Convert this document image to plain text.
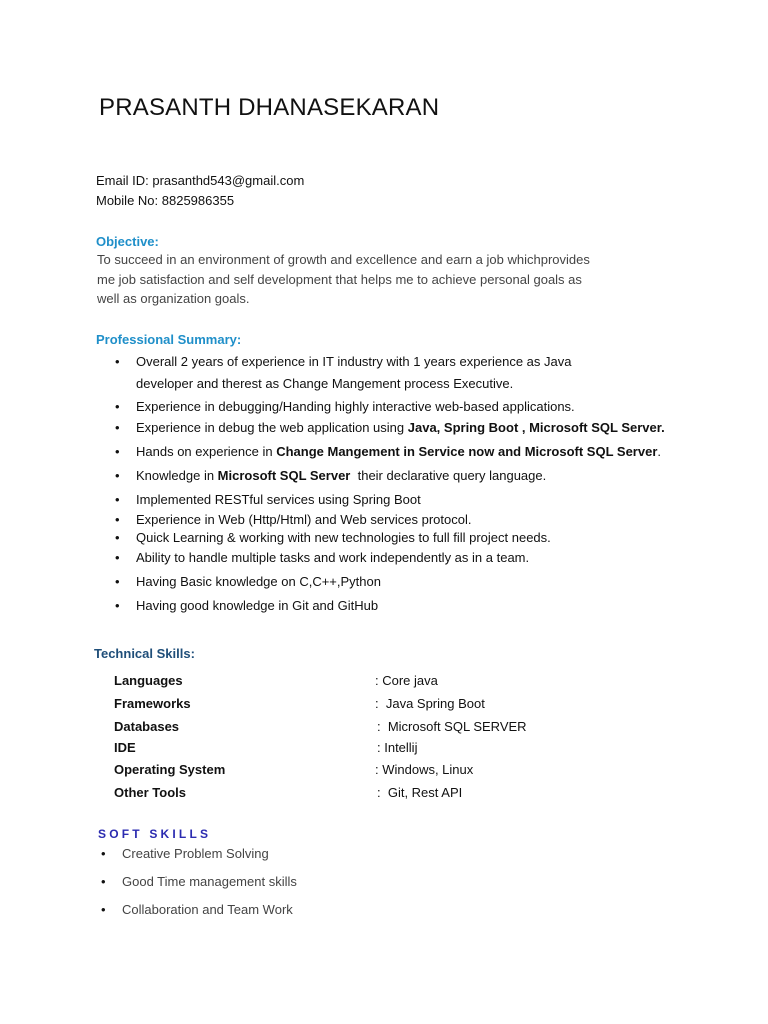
PRASANTH DHANASEKARAN
Email ID: prasanthd543@gmail.com
Mobile No: 8825986355
Objective:
To succeed in an environment of growth and excellence and earn a job whichprovides
me job satisfaction and self development that helps me to achieve personal goals as
well as organization goals.
Professional Summary:
• Overall 2 years of experience in IT industry with 1 years experience as Java
developer and therest as Change Mangement process Executive.
• Experience in debugging/Handing highly interactive web-based applications.
• Experience in debug the web application using Java, Spring Boot , Microsoft SQL Server.
• Hands on experience in Change Mangement in Service now and Microsoft SQL Server.
• Knowledge in Microsoft SQL Server  their declarative query language.
• Implemented RESTful services using Spring Boot
• Experience in Web (Http/Html) and Web services protocol.
• Quick Learning & working with new technologies to full fill project needs.
• Ability to handle multiple tasks and work independently as in a team.
• Having Basic knowledge on C,C++,Python
• Having good knowledge in Git and GitHub
Technical Skills:
Languages	: Core java
Frameworks	:  Java Spring Boot
Databases	:  Microsoft SQL SERVER
IDE	: Intellij
Operating System	: Windows, Linux
Other Tools	:  Git, Rest API
SOFT SKILLS
• Creative Problem Solving
• Good Time management skills
• Collaboration and Team Work
